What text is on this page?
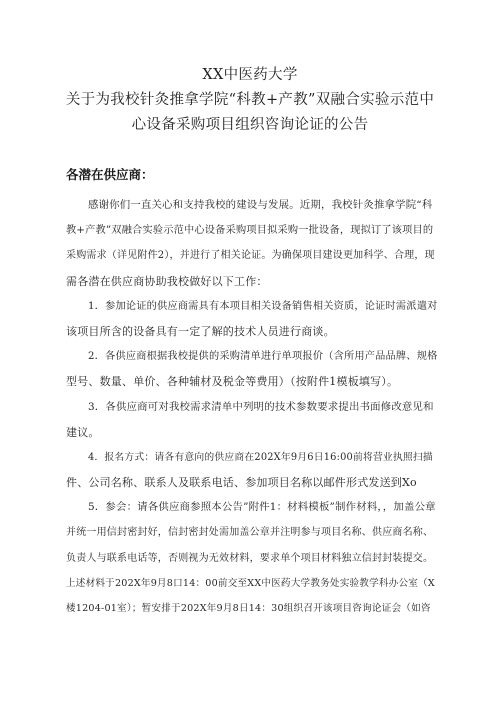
XX中医药大学
关于为我校针灸推拿学院“科教+产教”双融合实验示范中
心设备采购项目组织咨询论证的公告
各潜在供应商：
感谢你们一直关心和支持我校的建设与发展。近期，我校针灸推拿学院“科
教+产教”双融合实验示范中心设备采购项目拟采购一批设备，现拟订了该项目的
采购需求（详见附件2），并进行了相关论证。为确保项目建设更加科学、合理，现
需各潜在供应商协助我校做好以下工作：
1．参加论证的供应商需具有本项目相关设备销售相关资质，论证时需派遣对
该项目所含的设备具有一定了解的技术人员进行商谈。
2．各供应商根据我校提供的采购清单进行单项报价（含所用产品品牌、规格
型号、数量、单价、各种辅材及税金等费用）（按附件1模板填写）。
3．各供应商可对我校需求清单中列明的技术参数要求提出书面修改意见和
建议。
4．报名方式：请各有意向的供应商在202X年9月6日16:00前将营业执照扫描
件、公司名称、联系人及联系电话、参加项目名称以邮件形式发送到Xo
5．参会：请各供应商参照本公告”附件1：材料模板”制作材料，，加盖公章
并统一用信封密封好，信封密封处需加盖公章并注明参与项目名称、供应商名称、
负责人与联系电话等，否则视为无效材料，要求单个项目材料独立信封封装提交。
上述材料于202X年9月8口14：00前交至XX中医药大学教务处实验教学科办公室（X
楼1204-01室）；暂安排于202X年9月8日14：30组织召开该项目咨询论证会（如咨
